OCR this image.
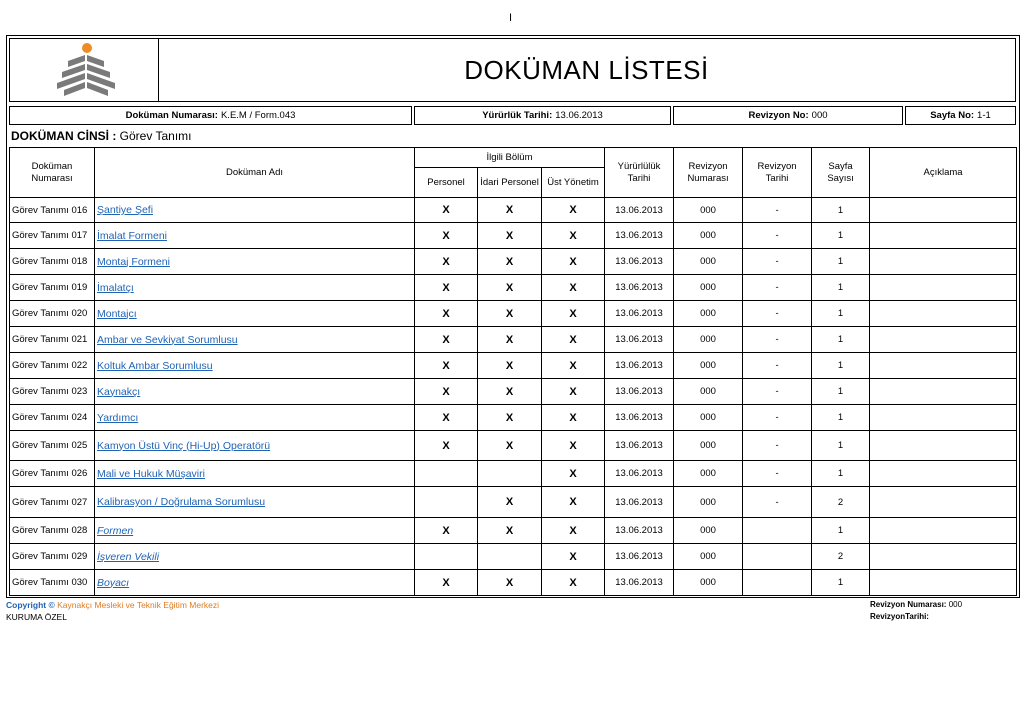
I
DOKÜMAN LİSTESİ
Doküman Numarası: K.E.M / Form.043	Yürürlük Tarihi: 13.06.2013	Revizyon No: 000	Sayfa No: 1-1
DOKÜMAN CİNSİ : Görev Tanımı
Doküman Numarası	Doküman Adı	İlgili Bölüm			Yürürlülük Tarihi	Revizyon Numarası	Revizyon Tarihi	Sayfa Sayısı	Açıklama
		Personel	İdari Personel	Üst Yönetim					
Görev Tanımı 016	Şantiye Şefi	X	X	X	13.06.2013	000	-	1	
Görev Tanımı 017	İmalat Formeni	X	X	X	13.06.2013	000	-	1	
Görev Tanımı 018	Montaj Formeni	X	X	X	13.06.2013	000	-	1	
Görev Tanımı 019	İmalatçı	X	X	X	13.06.2013	000	-	1	
Görev Tanımı 020	Montajcı	X	X	X	13.06.2013	000	-	1	
Görev Tanımı 021	Ambar ve Sevkiyat Sorumlusu	X	X	X	13.06.2013	000	-	1	
Görev Tanımı 022	Koltuk Ambar Sorumlusu	X	X	X	13.06.2013	000	-	1	
Görev Tanımı 023	Kaynakçı	X	X	X	13.06.2013	000	-	1	
Görev Tanımı 024	Yardımcı	X	X	X	13.06.2013	000	-	1	
Görev Tanımı 025	Kamyon Üstü Vinç (Hi-Up) Operatörü	X	X	X	13.06.2013	000	-	1	
Görev Tanımı 026	Mali ve Hukuk Müşaviri			X	13.06.2013	000	-	1	
Görev Tanımı 027	Kalibrasyon / Doğrulama Sorumlusu		X	X	13.06.2013	000	-	2	
Görev Tanımı 028	Formen	X	X	X	13.06.2013	000		1	
Görev Tanımı 029	İşveren Vekili			X	13.06.2013	000		2	
Görev Tanımı 030	Boyacı	X	X	X	13.06.2013	000		1	
Copyright © Kaynakçı Mesleki ve Teknik Eğitim Merkezi
KURUMA ÖZEL
Revizyon Numarası: 000
RevizyonTarihi:
